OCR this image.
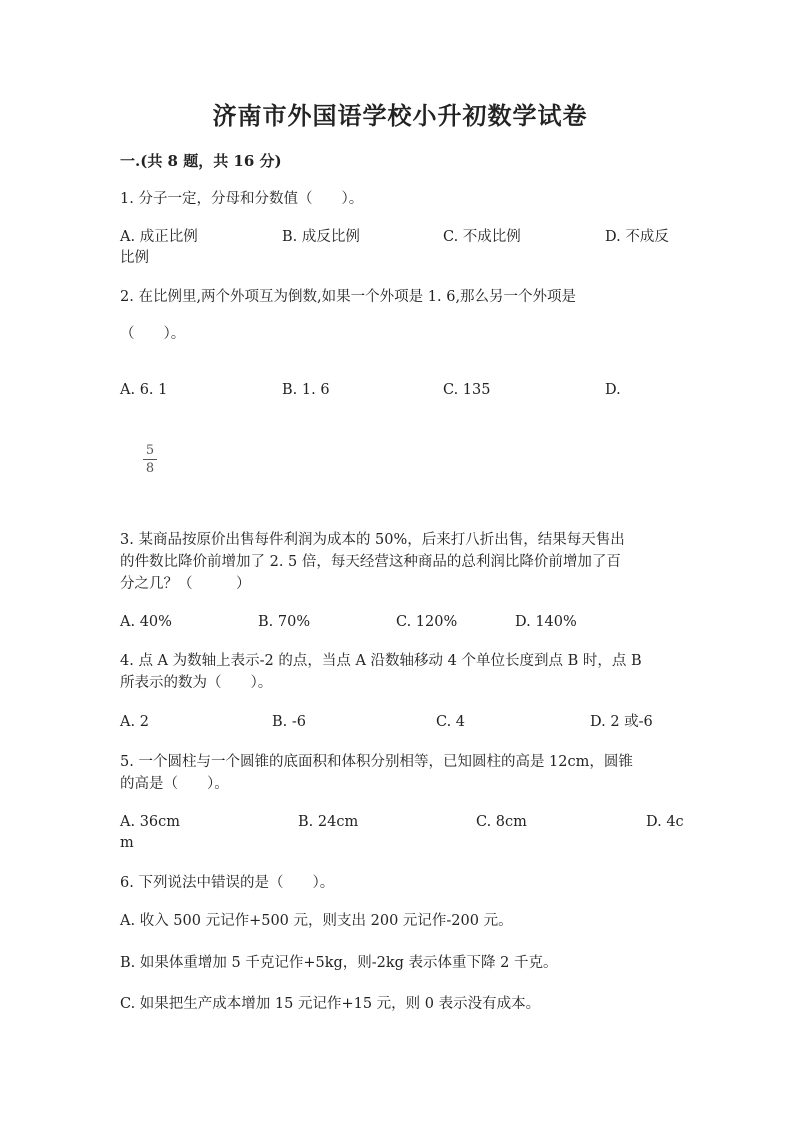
济南市外国语学校小升初数学试卷
一.(共 8 题，共 16 分)
1. 分子一定，分母和分数值（　　）。
A. 成正比例	B. 成反比例	C. 不成比例	D. 不成反
比例
2. 在比例里,两个外项互为倒数,如果一个外项是 1. 6,那么另一个外项是
（　　）。
A. 6. 1	B. 1. 6	C. 135	D.
5
8
3. 某商品按原价出售每件利润为成本的 50%，后来打八折出售，结果每天售出
的件数比降价前增加了 2. 5 倍，每天经营这种商品的总利润比降价前增加了百
分之几？（　　　）
A. 40%	B. 70%	C. 120%	D. 140%
4. 点 A 为数轴上表示-2 的点，当点 A 沿数轴移动 4 个单位长度到点 B 时，点 B
所表示的数为（　　）。
A. 2	B. -6	C. 4	D. 2 或-6
5. 一个圆柱与一个圆锥的底面积和体积分别相等，已知圆柱的高是 12cm，圆锥
的高是（　　）。
A. 36cm	B. 24cm	C. 8cm	D. 4c
m
6. 下列说法中错误的是（　　）。
A. 收入 500 元记作+500 元，则支出 200 元记作-200 元。
B. 如果体重增加 5 千克记作+5kg，则-2kg 表示体重下降 2 千克。
C. 如果把生产成本增加 15 元记作+15 元，则 0 表示没有成本。
